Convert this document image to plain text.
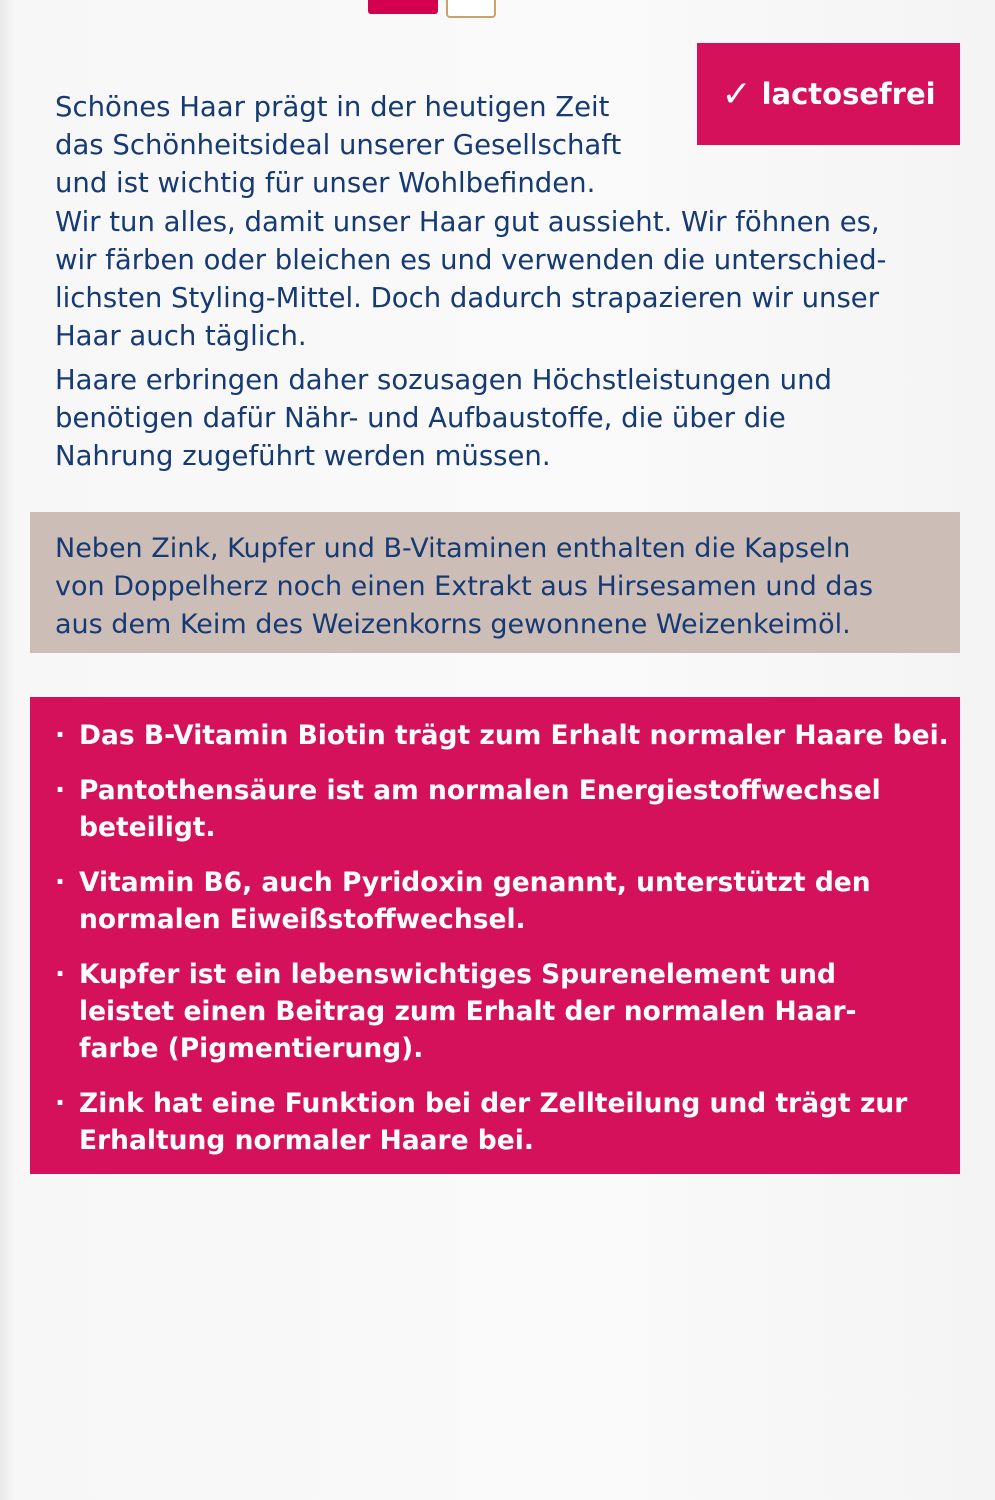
✓ lactosefrei
Schönes Haar prägt in der heutigen Zeit
das Schönheitsideal unserer Gesellschaft
und ist wichtig für unser Wohlbefinden.
Wir tun alles, damit unser Haar gut aussieht. Wir föhnen es,
wir färben oder bleichen es und verwenden die unterschied-
lichsten Styling-Mittel. Doch dadurch strapazieren wir unser
Haar auch täglich.
Haare erbringen daher sozusagen Höchstleistungen und
benötigen dafür Nähr- und Aufbaustoffe, die über die
Nahrung zugeführt werden müssen.
Neben Zink, Kupfer und B-Vitaminen enthalten die Kapseln
von Doppelherz noch einen Extrakt aus Hirsesamen und das
aus dem Keim des Weizenkorns gewonnene Weizenkeimöl.
· Das B-Vitamin Biotin trägt zum Erhalt normaler Haare bei.
· Pantothensäure ist am normalen Energiestoffwechsel
beteiligt.
· Vitamin B6, auch Pyridoxin genannt, unterstützt den
normalen Eiweißstoffwechsel.
· Kupfer ist ein lebenswichtiges Spurenelement und
leistet einen Beitrag zum Erhalt der normalen Haar-
farbe (Pigmentierung).
· Zink hat eine Funktion bei der Zellteilung und trägt zur
Erhaltung normaler Haare bei.
